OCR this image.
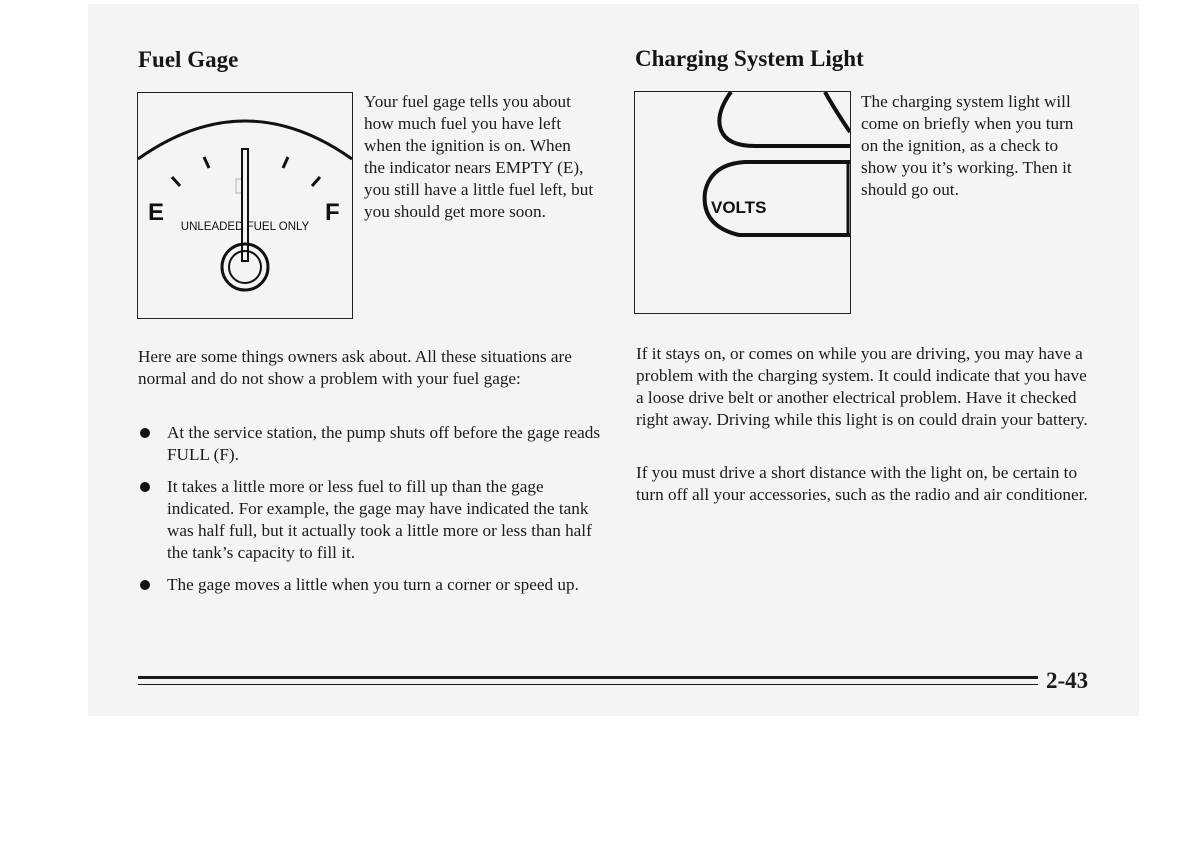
Fuel Gage
E	F
UNLEADED FUEL ONLY

Your fuel gage tells you about how much fuel you have left when the ignition is on. When the indicator nears EMPTY (E), you still have a little fuel left, but you should get more soon.

Here are some things owners ask about. All these situations are normal and do not show a problem with your fuel gage:

At the service station, the pump shuts off before the gage reads FULL (F).
It takes a little more or less fuel to fill up than the gage indicated. For example, the gage may have indicated the tank was half full, but it actually took a little more or less than half the tank’s capacity to fill it.
The gage moves a little when you turn a corner or speed up.
Charging System Light
VOLTS

The charging system light will come on briefly when you turn on the ignition, as a check to show you it’s working. Then it should go out.

If it stays on, or comes on while you are driving, you may have a problem with the charging system. It could indicate that you have a loose drive belt or another electrical problem. Have it checked right away. Driving while this light is on could drain your battery.

If you must drive a short distance with the light on, be certain to turn off all your accessories, such as the radio and air conditioner.

2-43
